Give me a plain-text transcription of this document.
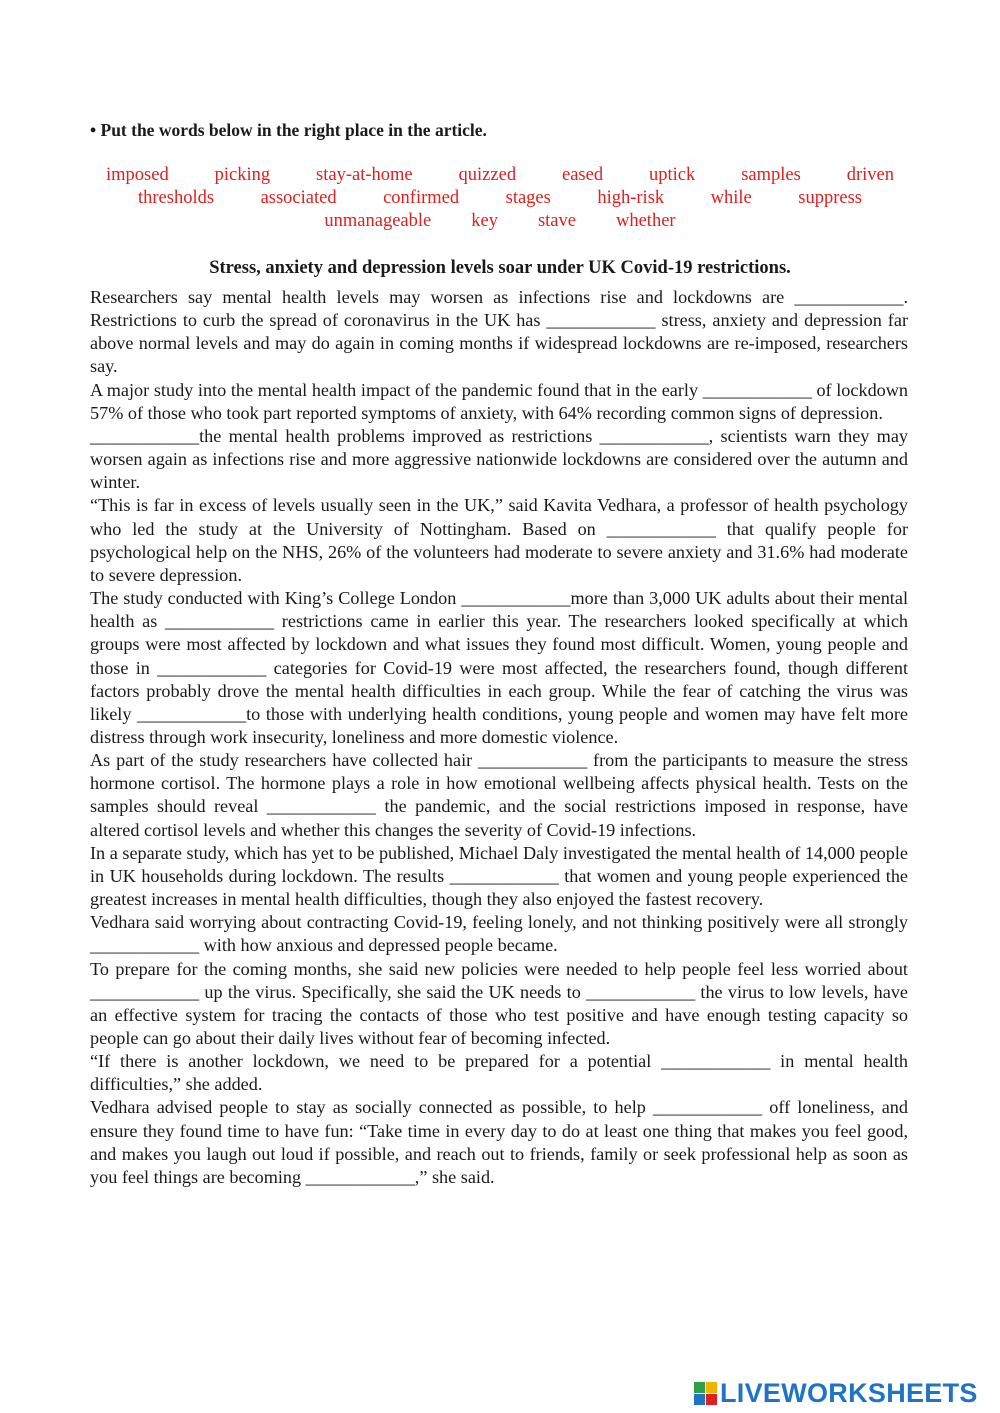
• Put the words below in the right place in the article.
imposed picking stay-at-home quizzed eased uptick samples driven
thresholds	associated	confirmed	stages	high-risk	while	suppress
unmanageable key stave whether
Stress, anxiety and depression levels soar under UK Covid-19 restrictions.

Researchers say mental health levels may worsen as infections rise and lockdowns are ____________. Restrictions to curb the spread of coronavirus in the UK has ____________ stress, anxiety and depression far above normal levels and may do again in coming months if widespread lockdowns are re-imposed, researchers say.

A major study into the mental health impact of the pandemic found that in the early ____________ of lockdown 57% of those who took part reported symptoms of anxiety, with 64% recording common signs of depression.

____________the mental health problems improved as restrictions ____________, scientists warn they may worsen again as infections rise and more aggressive nationwide lockdowns are considered over the autumn and winter.

“This is far in excess of levels usually seen in the UK,” said Kavita Vedhara, a professor of health psychology who led the study at the University of Nottingham. Based on ____________ that qualify people for psychological help on the NHS, 26% of the volunteers had moderate to severe anxiety and 31.6% had moderate to severe depression.

The study conducted with King’s College London ____________more than 3,000 UK adults about their mental health as ____________ restrictions came in earlier this year. The researchers looked specifically at which groups were most affected by lockdown and what issues they found most difficult. Women, young people and those in ____________ categories for Covid-19 were most affected, the researchers found, though different factors probably drove the mental health difficulties in each group. While the fear of catching the virus was likely ____________to those with underlying health conditions, young people and women may have felt more distress through work insecurity, loneliness and more domestic violence.

As part of the study researchers have collected hair ____________ from the participants to measure the stress hormone cortisol. The hormone plays a role in how emotional wellbeing affects physical health. Tests on the samples should reveal ____________ the pandemic, and the social restrictions imposed in response, have altered cortisol levels and whether this changes the severity of Covid-19 infections.

In a separate study, which has yet to be published, Michael Daly investigated the mental health of 14,000 people in UK households during lockdown. The results ____________ that women and young people experienced the greatest increases in mental health difficulties, though they also enjoyed the fastest recovery.

Vedhara said worrying about contracting Covid-19, feeling lonely, and not thinking positively were all strongly ____________ with how anxious and depressed people became.

To prepare for the coming months, she said new policies were needed to help people feel less worried about ____________ up the virus. Specifically, she said the UK needs to ____________ the virus to low levels, have an effective system for tracing the contacts of those who test positive and have enough testing capacity so people can go about their daily lives without fear of becoming infected.

“If there is another lockdown, we need to be prepared for a potential ____________ in mental health difficulties,” she added.

Vedhara advised people to stay as socially connected as possible, to help ____________ off loneliness, and ensure they found time to have fun: “Take time in every day to do at least one thing that makes you feel good, and makes you laugh out loud if possible, and reach out to friends, family or seek professional help as soon as you feel things are becoming ____________,” she said.

LIVEWORKSHEETS
